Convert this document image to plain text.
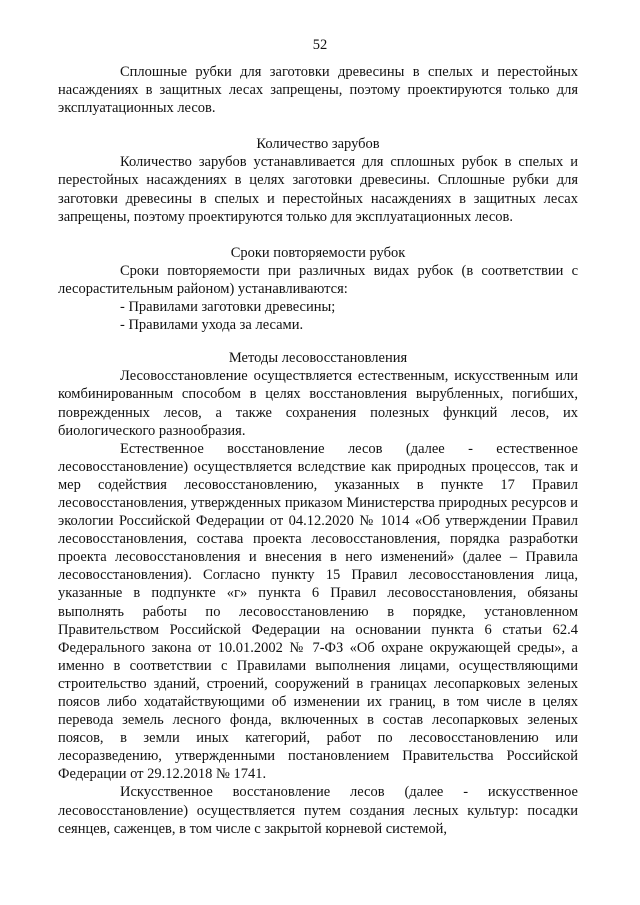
52

Сплошные рубки для заготовки древесины в спелых и перестойных насаждениях в защитных лесах запрещены, поэтому проектируются только для эксплуатационных лесов.

Количество зарубов

Количество зарубов устанавливается для сплошных рубок в спелых и перестойных насаждениях в целях заготовки древесины. Сплошные рубки для заготовки древесины в спелых и перестойных насаждениях в защитных лесах запрещены, поэтому проектируются только для эксплуатационных лесов.

Сроки повторяемости рубок

Сроки повторяемости при различных видах рубок (в соответствии с лесорастительным районом) устанавливаются:

- Правилами заготовки древесины;

- Правилами ухода за лесами.

Методы лесовосстановления

Лесовосстановление осуществляется естественным, искусственным или комбинированным способом в целях восстановления вырубленных, погибших, поврежденных лесов, а также сохранения полезных функций лесов, их биологического разнообразия.

Естественное восстановление лесов (далее - естественное лесовосстановление) осуществляется вследствие как природных процессов, так и мер содействия лесовосстановлению, указанных в пункте 17 Правил лесовосстановления, утвержденных приказом Министерства природных ресурсов и экологии Российской Федерации от 04.12.2020 № 1014 «Об утверждении Правил лесовосстановления, состава проекта лесовосстановления, порядка разработки проекта лесовосстановления и внесения в него изменений» (далее – Правила лесовосстановления). Согласно пункту 15 Правил лесовосстановления лица, указанные в подпункте «г» пункта 6 Правил лесовосстановления, обязаны выполнять работы по лесовосстановлению в порядке, установленном Правительством Российской Федерации на основании пункта 6 статьи 62.4 Федерального закона от 10.01.2002 № 7-ФЗ «Об охране окружающей среды», а именно в соответствии с Правилами выполнения лицами, осуществляющими строительство зданий, строений, сооружений в границах лесопарковых зеленых поясов либо ходатайствующими об изменении их границ, в том числе в целях перевода земель лесного фонда, включенных в состав лесопарковых зеленых поясов, в земли иных категорий, работ по лесовосстановлению или лесоразведению, утвержденными постановлением Правительства Российской Федерации от 29.12.2018 № 1741.

Искусственное восстановление лесов (далее - искусственное лесовосстановление) осуществляется путем создания лесных культур: посадки сеянцев, саженцев, в том числе с закрытой корневой системой,
